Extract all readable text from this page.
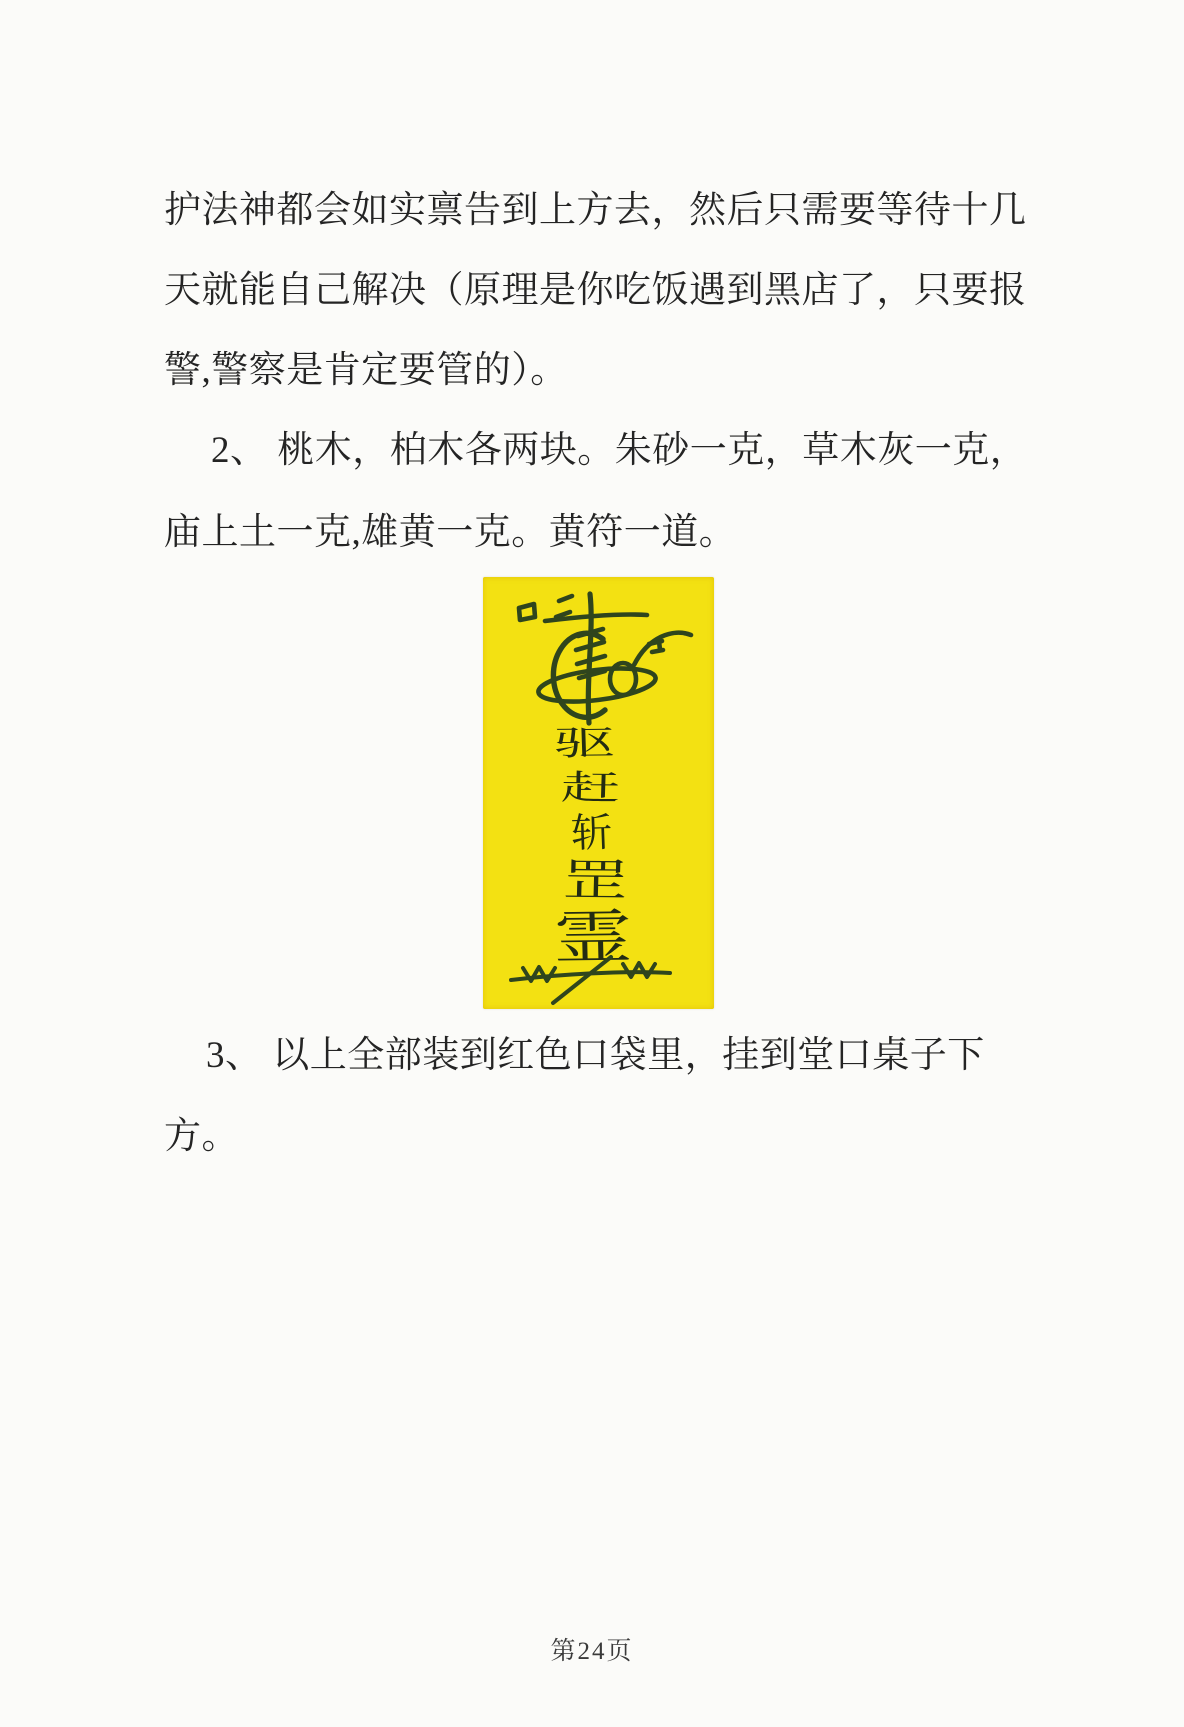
护法神都会如实禀告到上方去，然后只需要等待十几
天就能自己解决（原理是你吃饭遇到黑店了，只要报
警,警察是肯定要管的）。
2、 桃木，柏木各两块。朱砂一克，草木灰一克，
庙上土一克,雄黄一克。黄符一道。
驱
赶
斩
罡
霊
3、 以上全部装到红色口袋里，挂到堂口桌子下
方。
第24页
